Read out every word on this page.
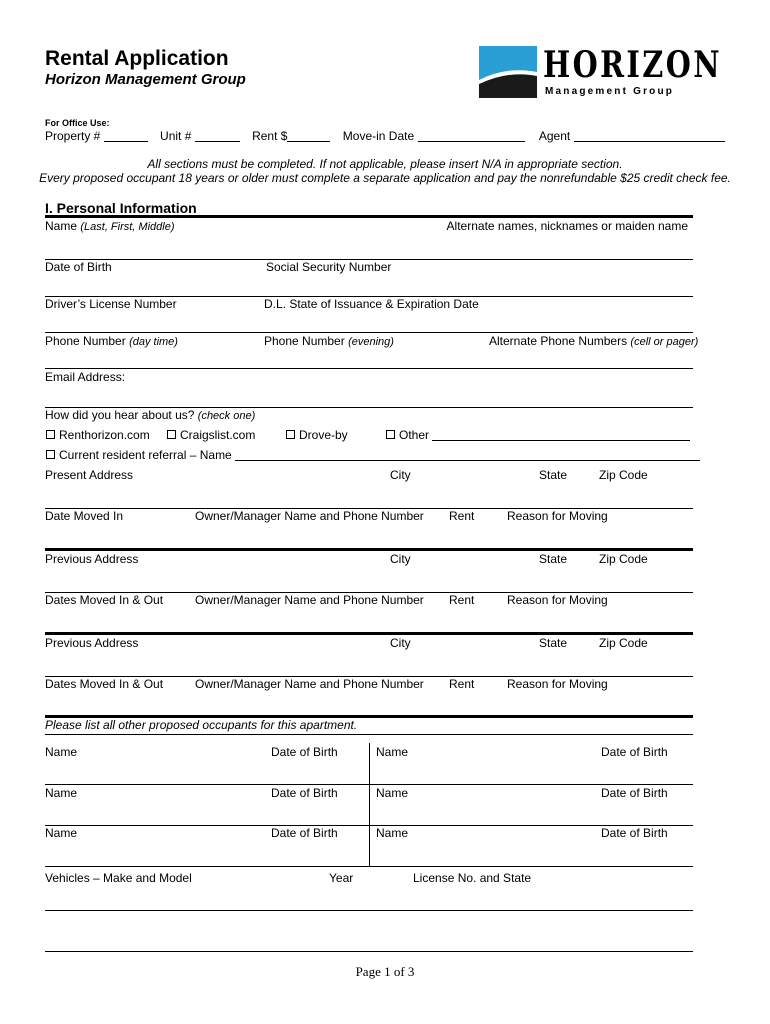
Rental Application
Horizon Management Group	HORIZON
Management Group
For Office Use:
Property #	Unit #	Rent $	Move-in Date	Agent
All sections must be completed. If not applicable, please insert N/A in appropriate section.
Every proposed occupant 18 years or older must complete a separate application and pay the nonrefundable $25 credit check fee.
I. Personal Information
Name (Last, First, Middle)	Alternate names, nicknames or maiden name
Date of Birth	Social Security Number
Driver’s License Number	D.L. State of Issuance & Expiration Date
Phone Number (day time)	Phone Number (evening)	Alternate Phone Numbers (cell or pager)
Email Address:
How did you hear about us? (check one)
Renthorizon.com	Craigslist.com	Drove-by	Other
Current resident referral – Name
Present Address	City	State	Zip Code
Date Moved In	Owner/Manager Name and Phone Number Rent	Reason for Moving
Previous Address	City	State	Zip Code
Dates Moved In & Out	Owner/Manager Name and Phone Number Rent	Reason for Moving
Previous Address	City	State	Zip Code
Dates Moved In & Out	Owner/Manager Name and Phone Number Rent	Reason for Moving
Please list all other proposed occupants for this apartment.
Name	Date of Birth	Name	Date of Birth
Name	Date of Birth	Name	Date of Birth
Name	Date of Birth	Name	Date of Birth
Vehicles – Make and Model	Year	License No. and State
Page 1 of 3
